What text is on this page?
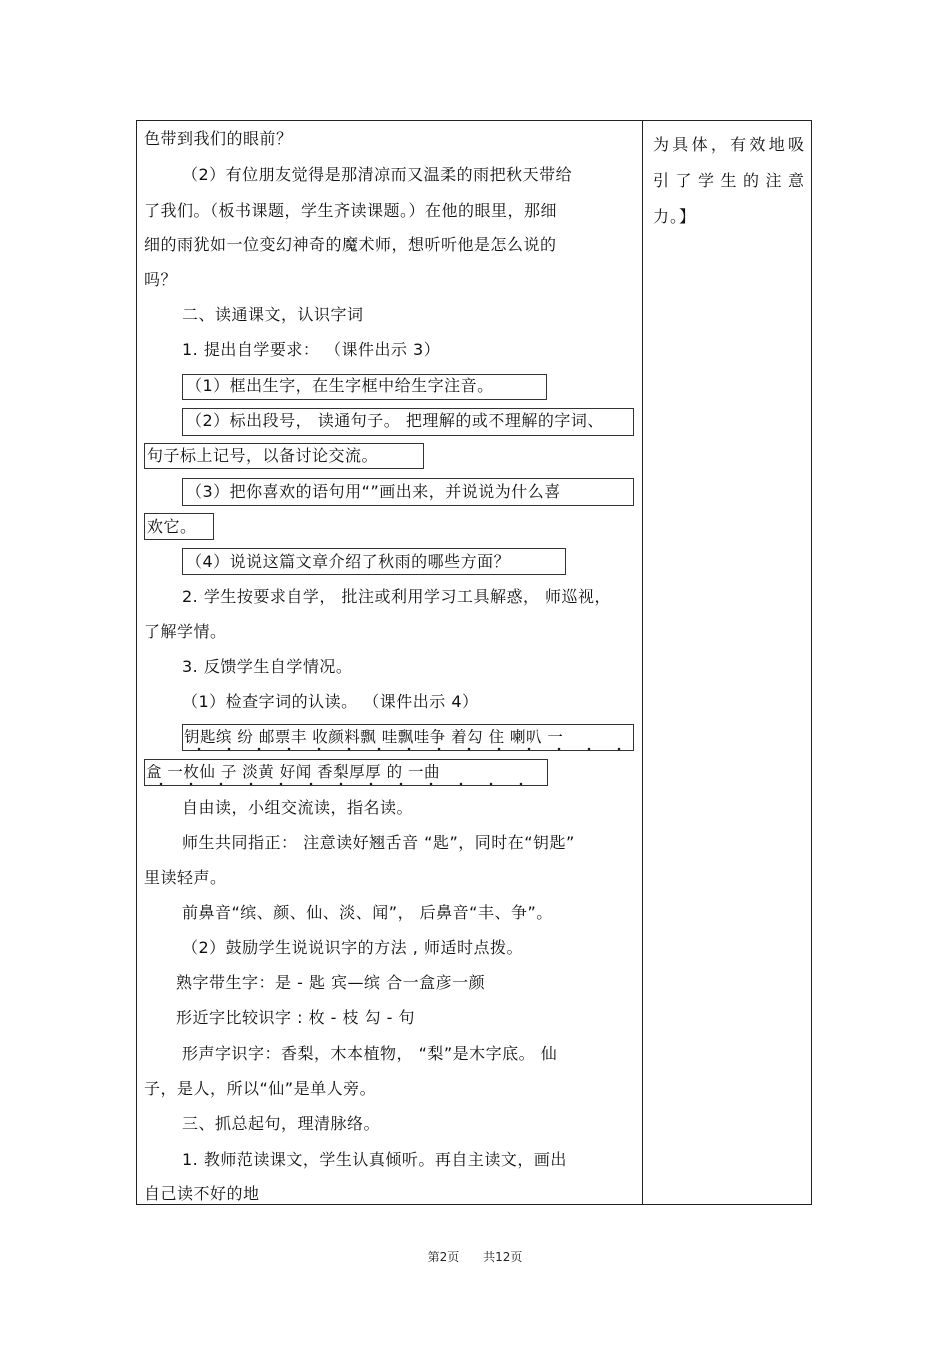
色带到我们的眼前？
（2）有位朋友觉得是那清凉而又温柔的雨把秋天带给
了我们。（板书课题，学生齐读课题。）在他的眼里，那细
细的雨犹如一位变幻神奇的魔术师，想听听他是怎么说的
吗？
二、读通课文，认识字词
1. 提出自学要求： （课件出示 3）
（1）框出生字，在生字框中给生字注音。
（2）标出段号， 读通句子。 把理解的或不理解的字词、
句子标上记号，以备讨论交流。
（3）把你喜欢的语句用“”画出来，并说说为什么喜
欢它。
（4）说说这篇文章介绍了秋雨的哪些方面？
2. 学生按要求自学， 批注或利用学习工具解惑， 师巡视，
了解学情。
3. 反馈学生自学情况。
（1）检查字词的认读。 （课件出示 4）
钥匙缤 纷 邮票丰 收颜料飘 哇飘哇争 着勾 住 喇叭 一
盒 一枚仙 子 淡黄 好闻 香梨厚厚 的 一曲
自由读，小组交流读，指名读。
师生共同指正： 注意读好翘舌音 “匙”，同时在“钥匙”
里读轻声。
前鼻音“缤、颜、仙、淡、闻”， 后鼻音“丰、争”。
（2）鼓励学生说说识字的方法 , 师适时点拨。
熟字带生字：是 - 匙 宾—缤 合一盒彦一颜
形近字比较识字 : 枚 - 枝 勾 - 句
形声字识字：香梨，木本植物， “梨”是木字底。 仙
子，是人，所以“仙”是单人旁。
三、抓总起句，理清脉络。
1. 教师范读课文，学生认真倾听。再自主读文，画出
自己读不好的地
为具体，有效地吸引了学生的注意力。】
第2页 共12页
